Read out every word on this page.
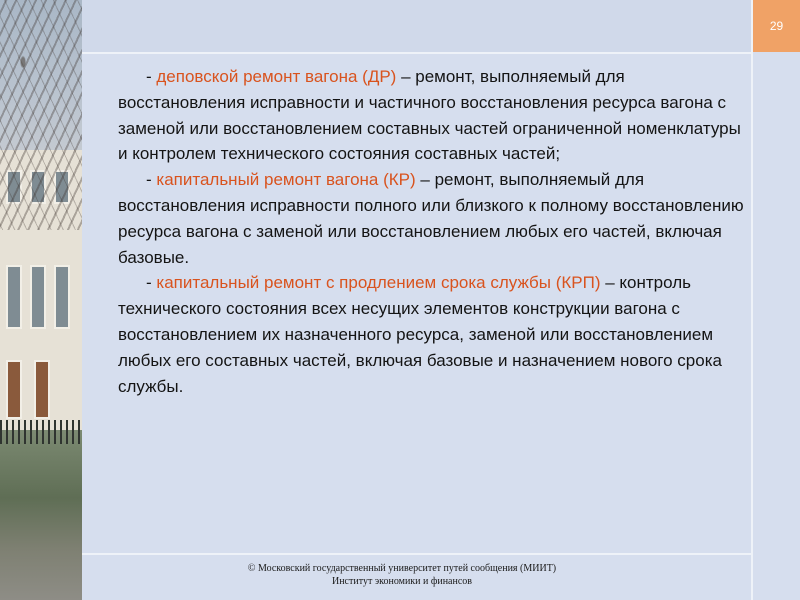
29

- деповской ремонт вагона (ДР) – ремонт, выполняемый для восстановления исправности и частичного восстановления ресурса вагона с заменой или восстановлением составных частей ограниченной номенклатуры и контролем технического состояния составных частей;

- капитальный ремонт вагона (КР) – ремонт, выполняемый для восстановления исправности полного или близкого к полному восстановлению ресурса вагона с заменой или восстановлением любых его частей, включая базовые.

- капитальный ремонт с продлением срока службы (КРП) – контроль технического состояния всех несущих элементов конструкции вагона с восстановлением их назначенного ресурса, заменой или восстановлением любых его составных частей, включая базовые и назначением нового срока службы.

© Московский государственный университет путей сообщения (МИИТ)
Институт экономики и финансов
